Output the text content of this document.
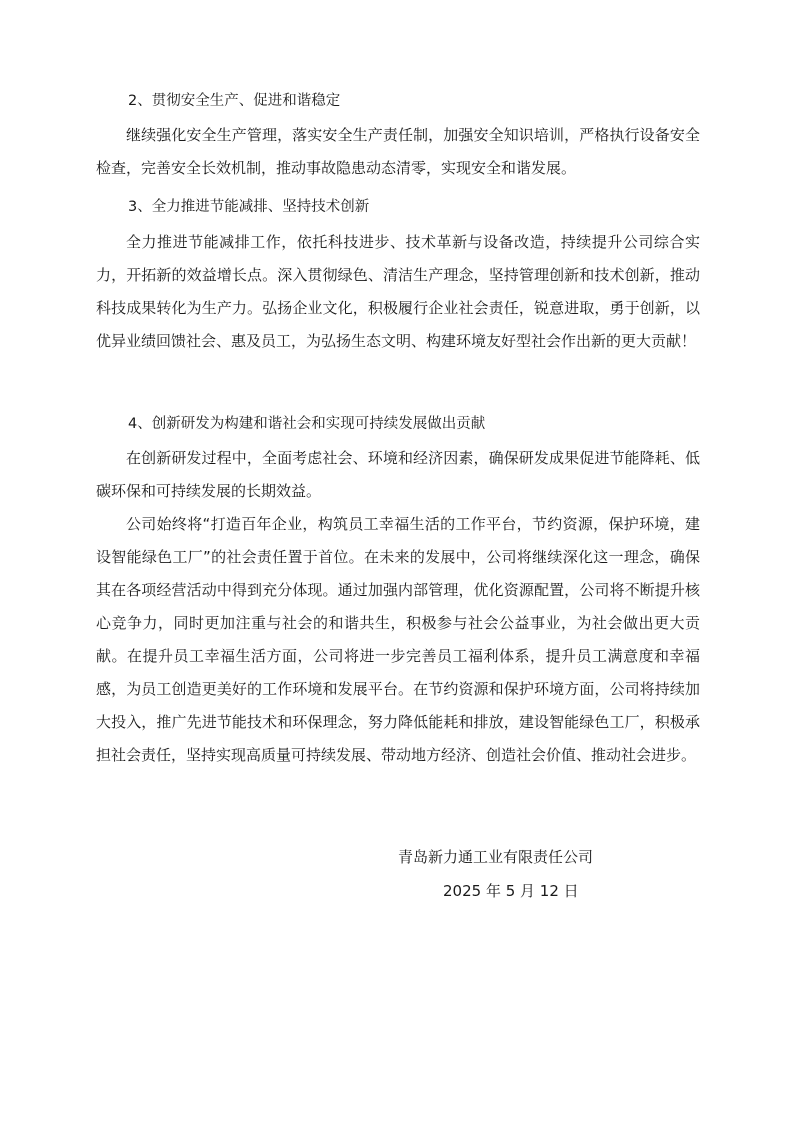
2、贯彻安全生产、促进和谐稳定

继续强化安全生产管理，落实安全生产责任制，加强安全知识培训，严格执行设备安全检查，完善安全长效机制，推动事故隐患动态清零，实现安全和谐发展。

3、全力推进节能减排、坚持技术创新

全力推进节能减排工作，依托科技进步、技术革新与设备改造，持续提升公司综合实力，开拓新的效益增长点。深入贯彻绿色、清洁生产理念，坚持管理创新和技术创新，推动科技成果转化为生产力。弘扬企业文化，积极履行企业社会责任，锐意进取，勇于创新，以优异业绩回馈社会、惠及员工，为弘扬生态文明、构建环境友好型社会作出新的更大贡献！

4、创新研发为构建和谐社会和实现可持续发展做出贡献

在创新研发过程中，全面考虑社会、环境和经济因素，确保研发成果促进节能降耗、低碳环保和可持续发展的长期效益。

公司始终将“打造百年企业，构筑员工幸福生活的工作平台，节约资源，保护环境，建设智能绿色工厂”的社会责任置于首位。在未来的发展中，公司将继续深化这一理念，确保其在各项经营活动中得到充分体现。通过加强内部管理，优化资源配置，公司将不断提升核心竞争力，同时更加注重与社会的和谐共生，积极参与社会公益事业，为社会做出更大贡献。在提升员工幸福生活方面，公司将进一步完善员工福利体系，提升员工满意度和幸福感，为员工创造更美好的工作环境和发展平台。在节约资源和保护环境方面，公司将持续加大投入，推广先进节能技术和环保理念，努力降低能耗和排放，建设智能绿色工厂，积极承担社会责任，坚持实现高质量可持续发展、带动地方经济、创造社会价值、推动社会进步。

青岛新力通工业有限责任公司

2025 年 5 月 12 日
